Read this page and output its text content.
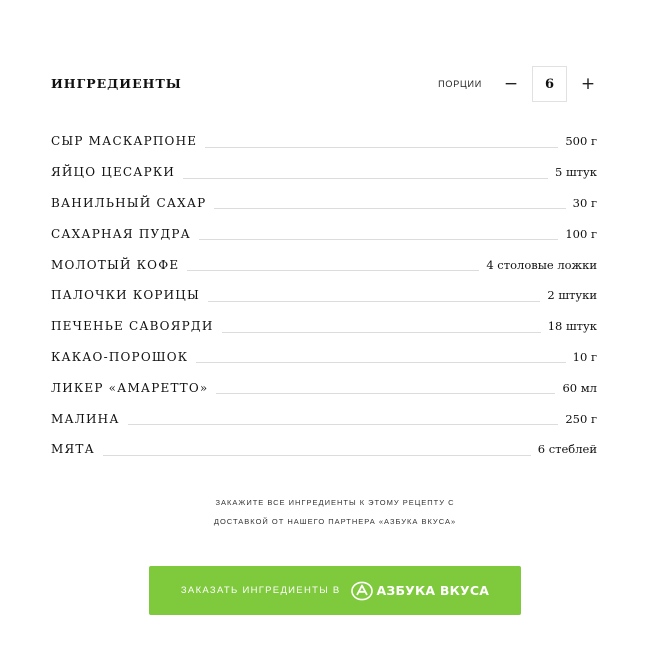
ИНГРЕДИЕНТЫ	ПОРЦИИ	−	6	+
СЫР МАСКАРПОНЕ	500 г
ЯЙЦО ЦЕСАРКИ	5 штук
ВАНИЛЬНЫЙ САХАР	30 г
САХАРНАЯ ПУДРА	100 г
МОЛОТЫЙ КОФЕ	4 столовые ложки
ПАЛОЧКИ КОРИЦЫ	2 штуки
ПЕЧЕНЬЕ САВОЯРДИ	18 штук
КАКАО-ПОРОШОК	10 г
ЛИКЕР «АМАРЕТТО»	60 мл
МАЛИНА	250 г
МЯТА	6 стеблей
ЗАКАЖИТЕ ВСЕ ИНГРЕДИЕНТЫ К ЭТОМУ РЕЦЕПТУ С
ДОСТАВКОЙ ОТ НАШЕГО ПАРТНЕРА «АЗБУКА ВКУСА»
ЗАКАЗАТЬ ИНГРЕДИЕНТЫ В	АЗБУКА ВКУСА
